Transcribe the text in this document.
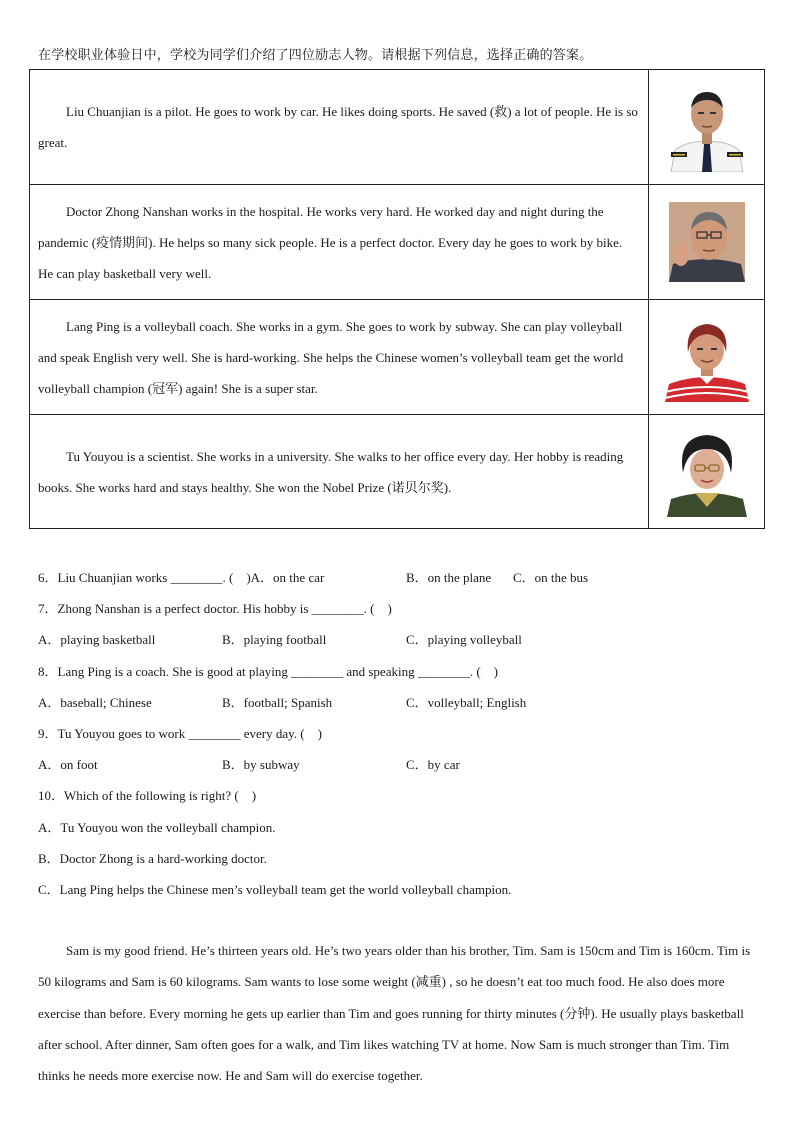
在学校职业体验日中，学校为同学们介绍了四位励志人物。请根据下列信息，选择正确的答案。
Liu Chuanjian is a pilot. He goes to work by car. He likes doing sports. He saved (救) a lot of people. He is so great.	

Doctor Zhong Nanshan works in the hospital. He works very hard. He worked day and night during the pandemic (疫情期间). He helps so many sick people. He is a perfect doctor. Every day he goes to work by bike. He can play basketball very well.	

Lang Ping is a volleyball coach. She works in a gym. She goes to work by subway. She can play volleyball and speak English very well. She is hard-working. She helps the Chinese women’s volleyball team get the world volleyball champion (冠军) again! She is a super star.	

Tu Youyou is a scientist. She works in a university. She walks to her office every day. Her hobby is reading books. She works hard and stays healthy. She won the Nobel Prize (诺贝尔奖).	
6．Liu Chuanjian works ________. (　)A．on the car	B．on the plane C．on the bus
7．Zhong Nanshan is a perfect doctor. His hobby is ________. (　)
A．playing basketball	B．playing football	C．playing volleyball
8．Lang Ping is a coach. She is good at playing ________ and speaking ________. (　)
A．baseball; Chinese	B．football; Spanish	C．volleyball; English
9．Tu Youyou goes to work ________ every day. (　)
A．on foot	B．by subway	C．by car
10．Which of the following is right? (　)
A．Tu Youyou won the volleyball champion.
B．Doctor Zhong is a hard-working doctor.
C．Lang Ping helps the Chinese men’s volleyball team get the world volleyball champion.

Sam is my good friend. He’s thirteen years old. He’s two years older than his brother, Tim. Sam is 150cm and Tim is 160cm. Tim is 50 kilograms and Sam is 60 kilograms. Sam wants to lose some weight (减重) , so he doesn’t eat too much food. He also does more exercise than before. Every morning he gets up earlier than Tim and goes running for thirty minutes (分钟). He usually plays basketball after school. After dinner, Sam often goes for a walk, and Tim likes watching TV at home. Now Sam is much stronger than Tim. Tim thinks he needs more exercise now. He and Sam will do exercise together.
